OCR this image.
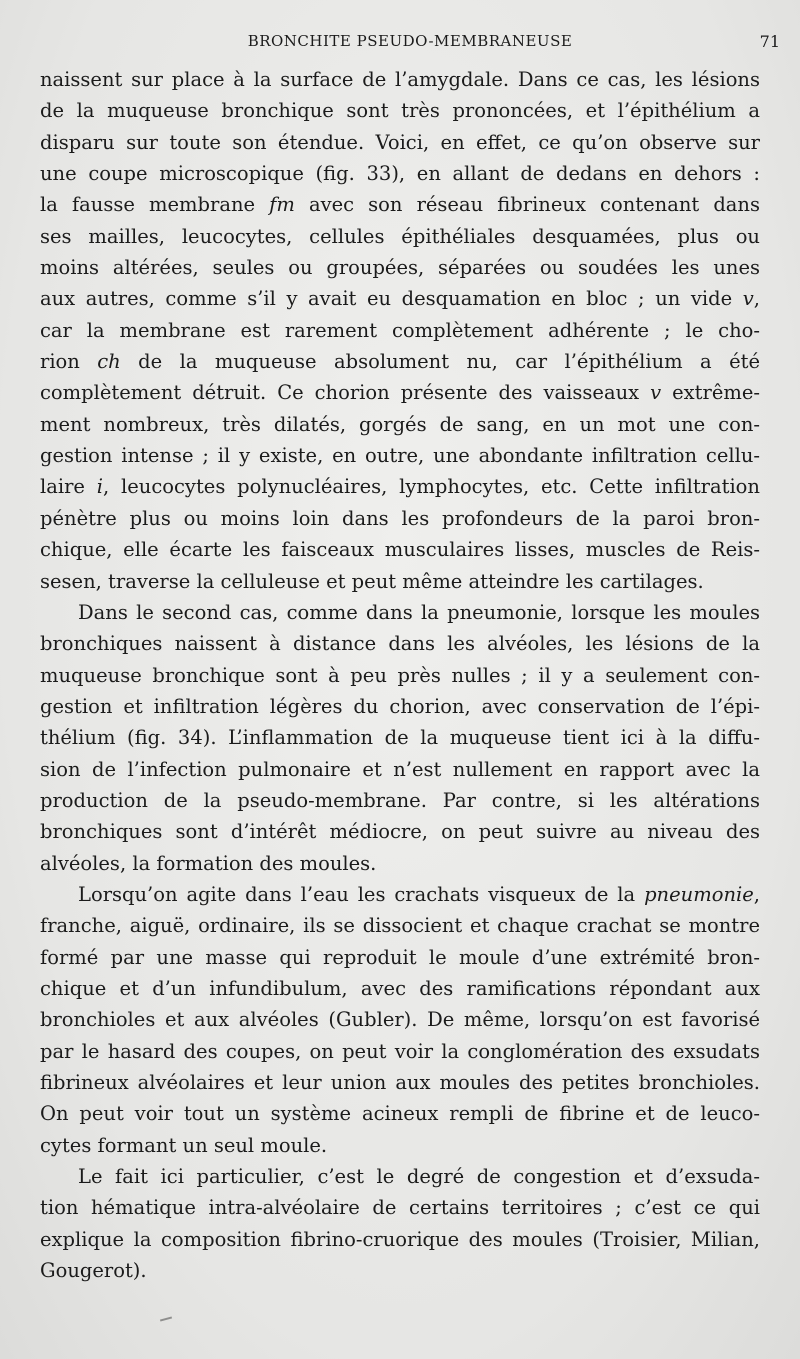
BRONCHITE PSEUDO-MEMBRANEUSE	71
naissent sur place à la surface de l’amygdale. Dans ce cas, les lésions
de la muqueuse bronchique sont très prononcées, et l’épithélium a
disparu sur toute son étendue. Voici, en effet, ce qu’on observe sur
une coupe microscopique (fig. 33), en allant de dedans en dehors :
la fausse membrane fm avec son réseau fibrineux contenant dans
ses mailles, leucocytes, cellules épithéliales desquamées, plus ou
moins altérées, seules ou groupées, séparées ou soudées les unes
aux autres, comme s’il y avait eu desquamation en bloc ; un vide v,
car la membrane est rarement complètement adhérente ; le cho-
rion ch de la muqueuse absolument nu, car l’épithélium a été
complètement détruit. Ce chorion présente des vaisseaux v extrême-
ment nombreux, très dilatés, gorgés de sang, en un mot une con-
gestion intense ; il y existe, en outre, une abondante infiltration cellu-
laire i, leucocytes polynucléaires, lymphocytes, etc. Cette infiltration
pénètre plus ou moins loin dans les profondeurs de la paroi bron-
chique, elle écarte les faisceaux musculaires lisses, muscles de Reis-
sesen, traverse la celluleuse et peut même atteindre les cartilages.
Dans le second cas, comme dans la pneumonie, lorsque les moules
bronchiques naissent à distance dans les alvéoles, les lésions de la
muqueuse bronchique sont à peu près nulles ; il y a seulement con-
gestion et infiltration légères du chorion, avec conservation de l’épi-
thélium (fig. 34). L’inflammation de la muqueuse tient ici à la diffu-
sion de l’infection pulmonaire et n’est nullement en rapport avec la
production de la pseudo-membrane. Par contre, si les altérations
bronchiques sont d’intérêt médiocre, on peut suivre au niveau des
alvéoles, la formation des moules.
Lorsqu’on agite dans l’eau les crachats visqueux de la pneumonie,
franche, aiguë, ordinaire, ils se dissocient et chaque crachat se montre
formé par une masse qui reproduit le moule d’une extrémité bron-
chique et d’un infundibulum, avec des ramifications répondant aux
bronchioles et aux alvéoles (Gubler). De même, lorsqu’on est favorisé
par le hasard des coupes, on peut voir la conglomération des exsudats
fibrineux alvéolaires et leur union aux moules des petites bronchioles.
On peut voir tout un système acineux rempli de fibrine et de leuco-
cytes formant un seul moule.
Le fait ici particulier, c’est le degré de congestion et d’exsuda-
tion hématique intra-alvéolaire de certains territoires ; c’est ce qui
explique la composition fibrino-cruorique des moules (Troisier, Milian,
Gougerot).
